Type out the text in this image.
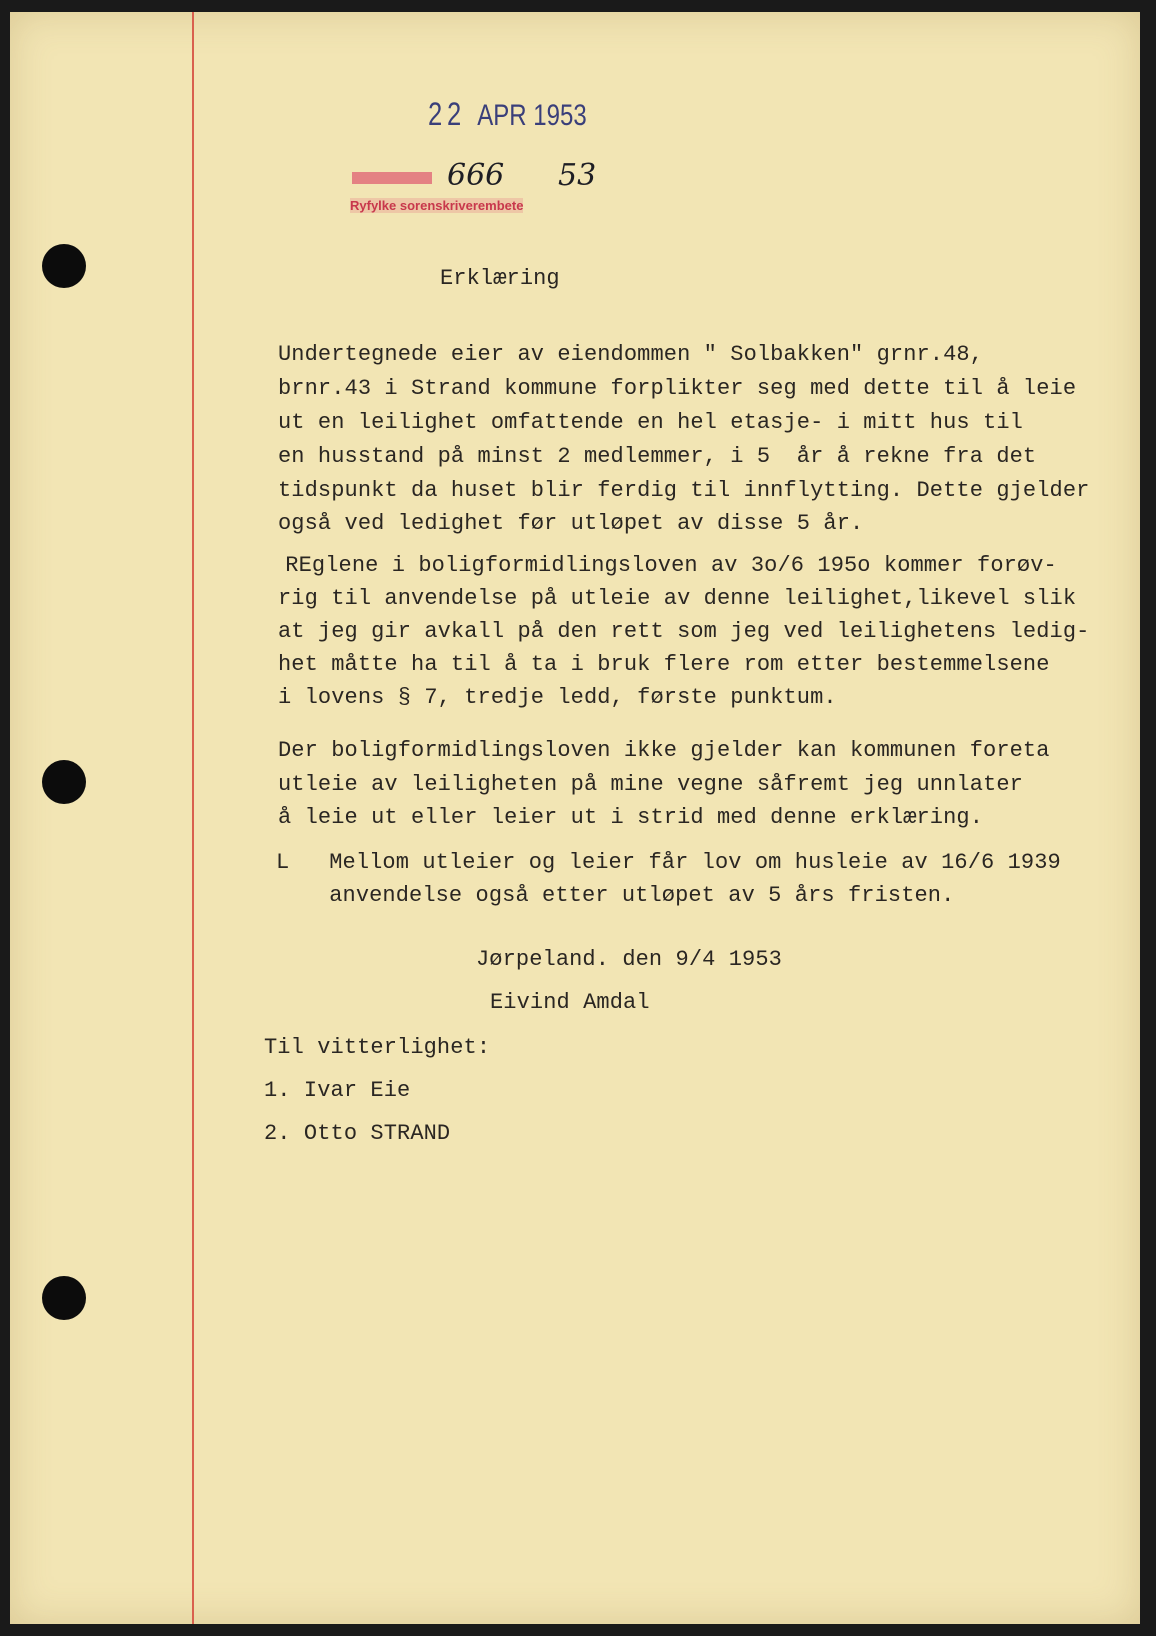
22 APR 1953
666 53
Ryfylke sorenskriverembete
Erklæring
Undertegnede eier av eiendommen " Solbakken" grnr.48,
brnr.43 i Strand kommune forplikter seg med dette til å leie
ut en leilighet omfattende en hel etasje- i mitt hus til
en husstand på minst 2 medlemmer, i 5  år å rekne fra det
tidspunkt da huset blir ferdig til innflytting. Dette gjelder
også ved ledighet før utløpet av disse 5 år.
REglene i boligformidlingsloven av 3o/6 195o kommer forøv-
rig til anvendelse på utleie av denne leilighet,likevel slik
at jeg gir avkall på den rett som jeg ved leilighetens ledig-
het måtte ha til å ta i bruk flere rom etter bestemmelsene
i lovens § 7, tredje ledd, første punktum.
Der boligformidlingsloven ikke gjelder kan kommunen foreta
utleie av leiligheten på mine vegne såfremt jeg unnlater
å leie ut eller leier ut i strid med denne erklæring.
L   Mellom utleier og leier får lov om husleie av 16/6 1939
anvendelse også etter utløpet av 5 års fristen.
Jørpeland. den 9/4 1953
Eivind Amdal
Til vitterlighet:
1. Ivar Eie
2. Otto STRAND
